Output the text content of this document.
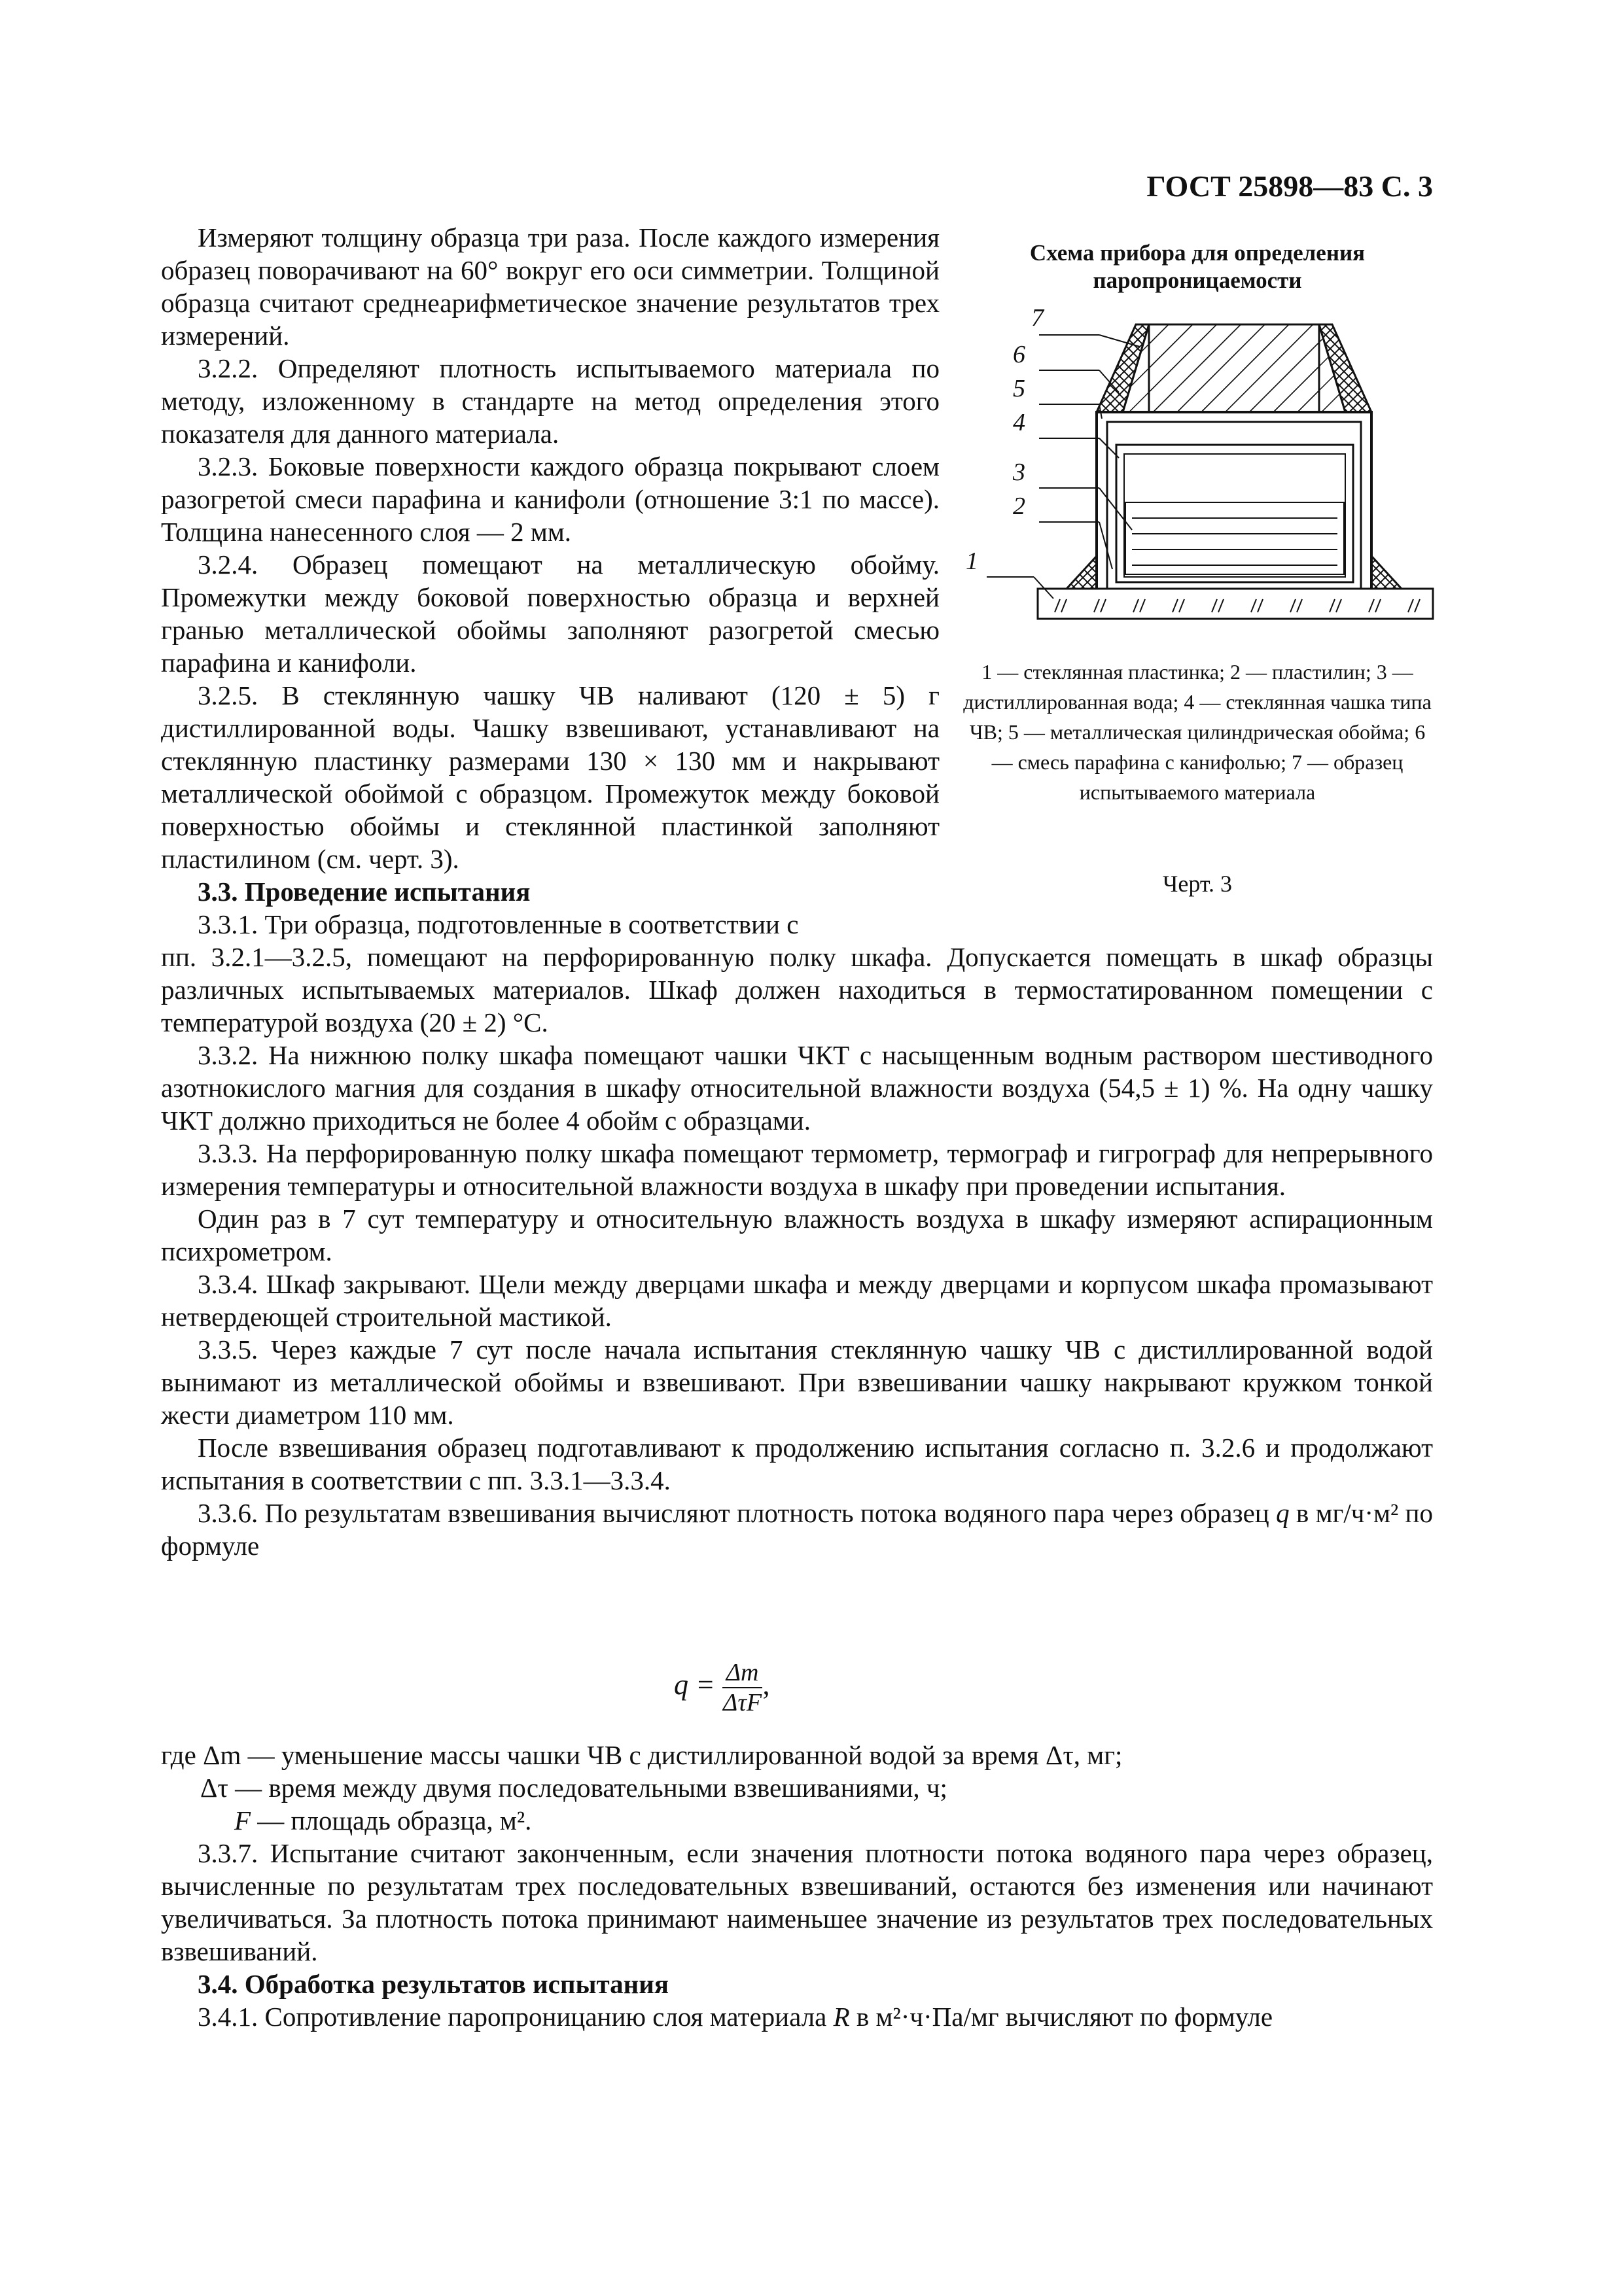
ГОСТ 25898—83 С. 3

Измеряют толщину образца три раза. После каждого измерения образец поворачивают на 60° вокруг его оси симметрии. Толщиной образца считают среднеарифметическое значение результатов трех измерений.

3.2.2. Определяют плотность испытываемого материала по методу, изложенному в стандарте на метод определения этого показателя для данного материала.

3.2.3. Боковые поверхности каждого образца покрывают слоем разогретой смеси парафина и канифоли (отношение 3:1 по массе). Толщина нанесенного слоя — 2 мм.

3.2.4. Образец помещают на металлическую обойму. Промежутки между боковой поверхностью образца и верхней гранью металлической обоймы заполняют разогретой смесью парафина и канифоли.

3.2.5. В стеклянную чашку ЧВ наливают (120 ± 5) г дистиллированной воды. Чашку взвешивают, устанавливают на стеклянную пластинку размерами 130 × 130 мм и накрывают металлической обоймой с образцом. Промежуток между боковой поверхностью обоймы и стеклянной пластинкой заполняют пластилином (см. черт. 3).

3.3. Проведение испытания

3.3.1. Три образца, подготовленные в соответствии с

Схема прибора для определения
паропроницаемости
7
6
5
4
3
2
1
1 — стеклянная пластинка; 2 — пластилин; 3 — дистиллированная вода; 4 — стеклянная чашка типа ЧВ; 5 — металлическая цилиндрическая обойма; 6 — смесь парафина с канифолью; 7 — образец испытываемого материала
Черт. 3

пп. 3.2.1—3.2.5, помещают на перфорированную полку шкафа. Допускается помещать в шкаф образцы различных испытываемых материалов. Шкаф должен находиться в термостатированном помещении с температурой воздуха (20 ± 2) °С.

3.3.2. На нижнюю полку шкафа помещают чашки ЧКТ с насыщенным водным раствором шестиводного азотнокислого магния для создания в шкафу относительной влажности воздуха (54,5 ± 1) %. На одну чашку ЧКТ должно приходиться не более 4 обойм с образцами.

3.3.3. На перфорированную полку шкафа помещают термометр, термограф и гигрограф для непрерывного измерения температуры и относительной влажности воздуха в шкафу при проведении испытания.

Один раз в 7 сут температуру и относительную влажность воздуха в шкафу измеряют аспирационным психрометром.

3.3.4. Шкаф закрывают. Щели между дверцами шкафа и между дверцами и корпусом шкафа промазывают нетвердеющей строительной мастикой.

3.3.5. Через каждые 7 сут после начала испытания стеклянную чашку ЧВ с дистиллированной водой вынимают из металлической обоймы и взвешивают. При взвешивании чашку накрывают кружком тонкой жести диаметром 110 мм.

После взвешивания образец подготавливают к продолжению испытания согласно п. 3.2.6 и продолжают испытания в соответствии с пп. 3.3.1—3.3.4.

3.3.6. По результатам взвешивания вычисляют плотность потока водяного пара через образец q в мг/ч·м² по формуле

$q = \frac{\Delta m}{\text{ΔτF}}$ ,

где Δm — уменьшение массы чашки ЧВ с дистиллированной водой за время Δτ, мг;

Δτ — время между двумя последовательными взвешиваниями, ч;

F — площадь образца, м².

3.3.7. Испытание считают законченным, если значения плотности потока водяного пара через образец, вычисленные по результатам трех последовательных взвешиваний, остаются без изменения или начинают увеличиваться. За плотность потока принимают наименьшее значение из результатов трех последовательных взвешиваний.

3.4. Обработка результатов испытания

3.4.1. Сопротивление паропроницанию слоя материала R в м²·ч·Па/мг вычисляют по формуле
